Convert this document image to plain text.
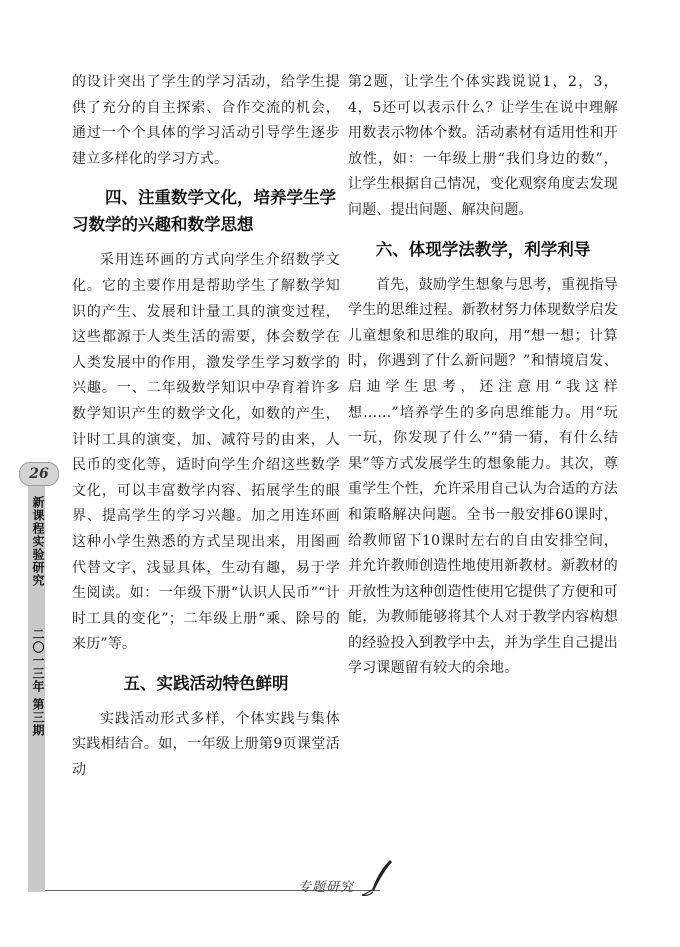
26
新课程实验研究
二〇一三年 第三期

的设计突出了学生的学习活动，给学生提供了充分的自主探索、合作交流的机会，通过一个个具体的学习活动引导学生逐步建立多样化的学习方式。

四、注重数学文化，培养学生学习数学的兴趣和数学思想

采用连环画的方式向学生介绍数学文化。它的主要作用是帮助学生了解数学知识的产生、发展和计量工具的演变过程，这些都源于人类生活的需要，体会数学在人类发展中的作用，激发学生学习数学的兴趣。一、二年级数学知识中孕育着许多数学知识产生的数学文化，如数的产生，计时工具的演变，加、减符号的由来，人民币的变化等，适时向学生介绍这些数学文化，可以丰富数学内容、拓展学生的眼界、提高学生的学习兴趣。加之用连环画这种小学生熟悉的方式呈现出来，用图画代替文字，浅显具体，生动有趣，易于学生阅读。如：一年级下册“认识人民币”“计时工具的变化”；二年级上册“乘、除号的来历”等。

五、实践活动特色鲜明

实践活动形式多样，个体实践与集体实践相结合。如，一年级上册第9页课堂活动

第2题，让学生个体实践说说1，2，3，4，5还可以表示什么？让学生在说中理解用数表示物体个数。活动素材有适用性和开放性，如：一年级上册“我们身边的数”，让学生根据自己情况，变化观察角度去发现问题、提出问题、解决问题。

六、体现学法教学，利学利导

首先，鼓励学生想象与思考，重视指导学生的思维过程。新教材努力体现数学启发儿童想象和思维的取向，用“想一想；计算时，你遇到了什么新问题？”和情境启发、启迪学生思考，还注意用“我这样想……”培养学生的多向思维能力。用“玩一玩，你发现了什么”“猜一猜，有什么结果”等方式发展学生的想象能力。其次，尊重学生个性，允许采用自己认为合适的方法和策略解决问题。全书一般安排60课时，给教师留下10课时左右的自由安排空间，并允许教师创造性地使用新教材。新教材的开放性为这种创造性使用它提供了方便和可能，为教师能够将其个人对于教学内容构想的经验投入到教学中去，并为学生自己提出学习课题留有较大的余地。

专题研究
